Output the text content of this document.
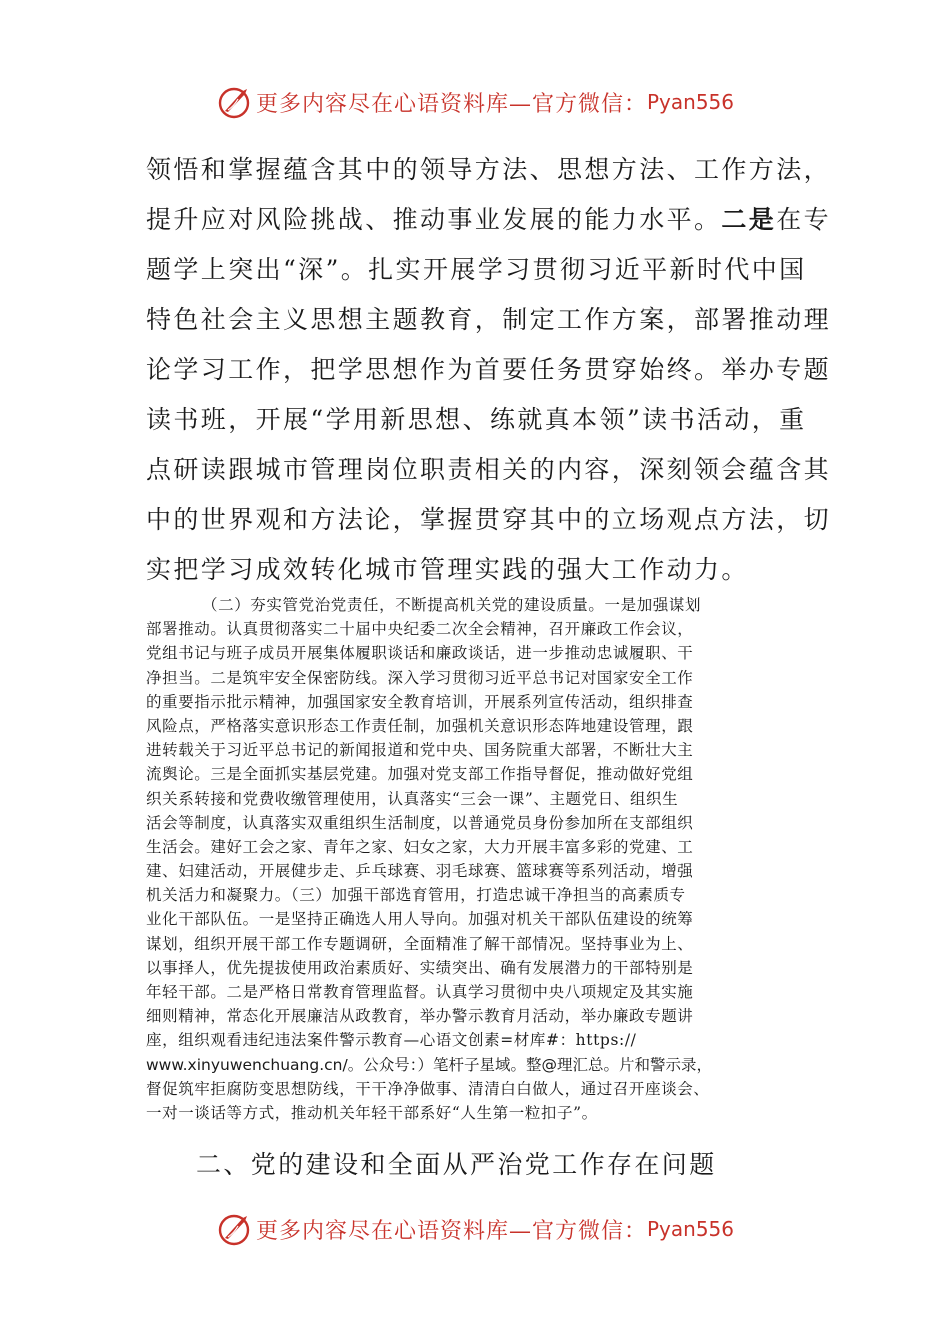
更多内容尽在心语资料库—官方微信： Pyan556

领悟和掌握蕴含其中的领导方法、思想方法、工作方法，

提升应对风险挑战、推动事业发展的能力水平。二是在专

题学上突出“深”。扎实开展学习贯彻习近平新时代中国

特色社会主义思想主题教育，制定工作方案，部署推动理

论学习工作，把学思想作为首要任务贯穿始终。举办专题

读书班，开展“学用新思想、练就真本领”读书活动，重

点研读跟城市管理岗位职责相关的内容，深刻领会蕴含其

中的世界观和方法论，掌握贯穿其中的立场观点方法，切

实把学习成效转化城市管理实践的强大工作动力。

（二）夯实管党治党责任，不断提高机关党的建设质量。一是加强谋划
部署推动。认真贯彻落实二十届中央纪委二次全会精神，召开廉政工作会议，
党组书记与班子成员开展集体履职谈话和廉政谈话，进一步推动忠诚履职、干
净担当。二是筑牢安全保密防线。深入学习贯彻习近平总书记对国家安全工作
的重要指示批示精神，加强国家安全教育培训，开展系列宣传活动，组织排查
风险点，严格落实意识形态工作责任制，加强机关意识形态阵地建设管理，跟
进转载关于习近平总书记的新闻报道和党中央、国务院重大部署，不断壮大主
流舆论。三是全面抓实基层党建。加强对党支部工作指导督促，推动做好党组
织关系转接和党费收缴管理使用，认真落实“三会一课”、主题党日、组织生
活会等制度，认真落实双重组织生活制度，以普通党员身份参加所在支部组织
生活会。建好工会之家、青年之家、妇女之家，大力开展丰富多彩的党建、工
建、妇建活动，开展健步走、乒乓球赛、羽毛球赛、篮球赛等系列活动，增强
机关活力和凝聚力。（三）加强干部选育管用，打造忠诚干净担当的高素质专
业化干部队伍。一是坚持正确选人用人导向。加强对机关干部队伍建设的统筹
谋划，组织开展干部工作专题调研，全面精准了解干部情况。坚持事业为上、
以事择人，优先提拔使用政治素质好、实绩突出、确有发展潜力的干部特别是
年轻干部。二是严格日常教育管理监督。认真学习贯彻中央八项规定及其实施
细则精神，常态化开展廉洁从政教育，举办警示教育月活动，举办廉政专题讲
座，组织观看违纪违法案件警示教育—心语文创素=材库#：https://
www.xinyuwenchuang.cn/。公众号：）笔杆子星域。整@理汇总。片和警示录，
督促筑牢拒腐防变思想防线，干干净净做事、清清白白做人，通过召开座谈会、
一对一谈话等方式，推动机关年轻干部系好“人生第一粒扣子”。

二、党的建设和全面从严治党工作存在问题

更多内容尽在心语资料库—官方微信： Pyan556
